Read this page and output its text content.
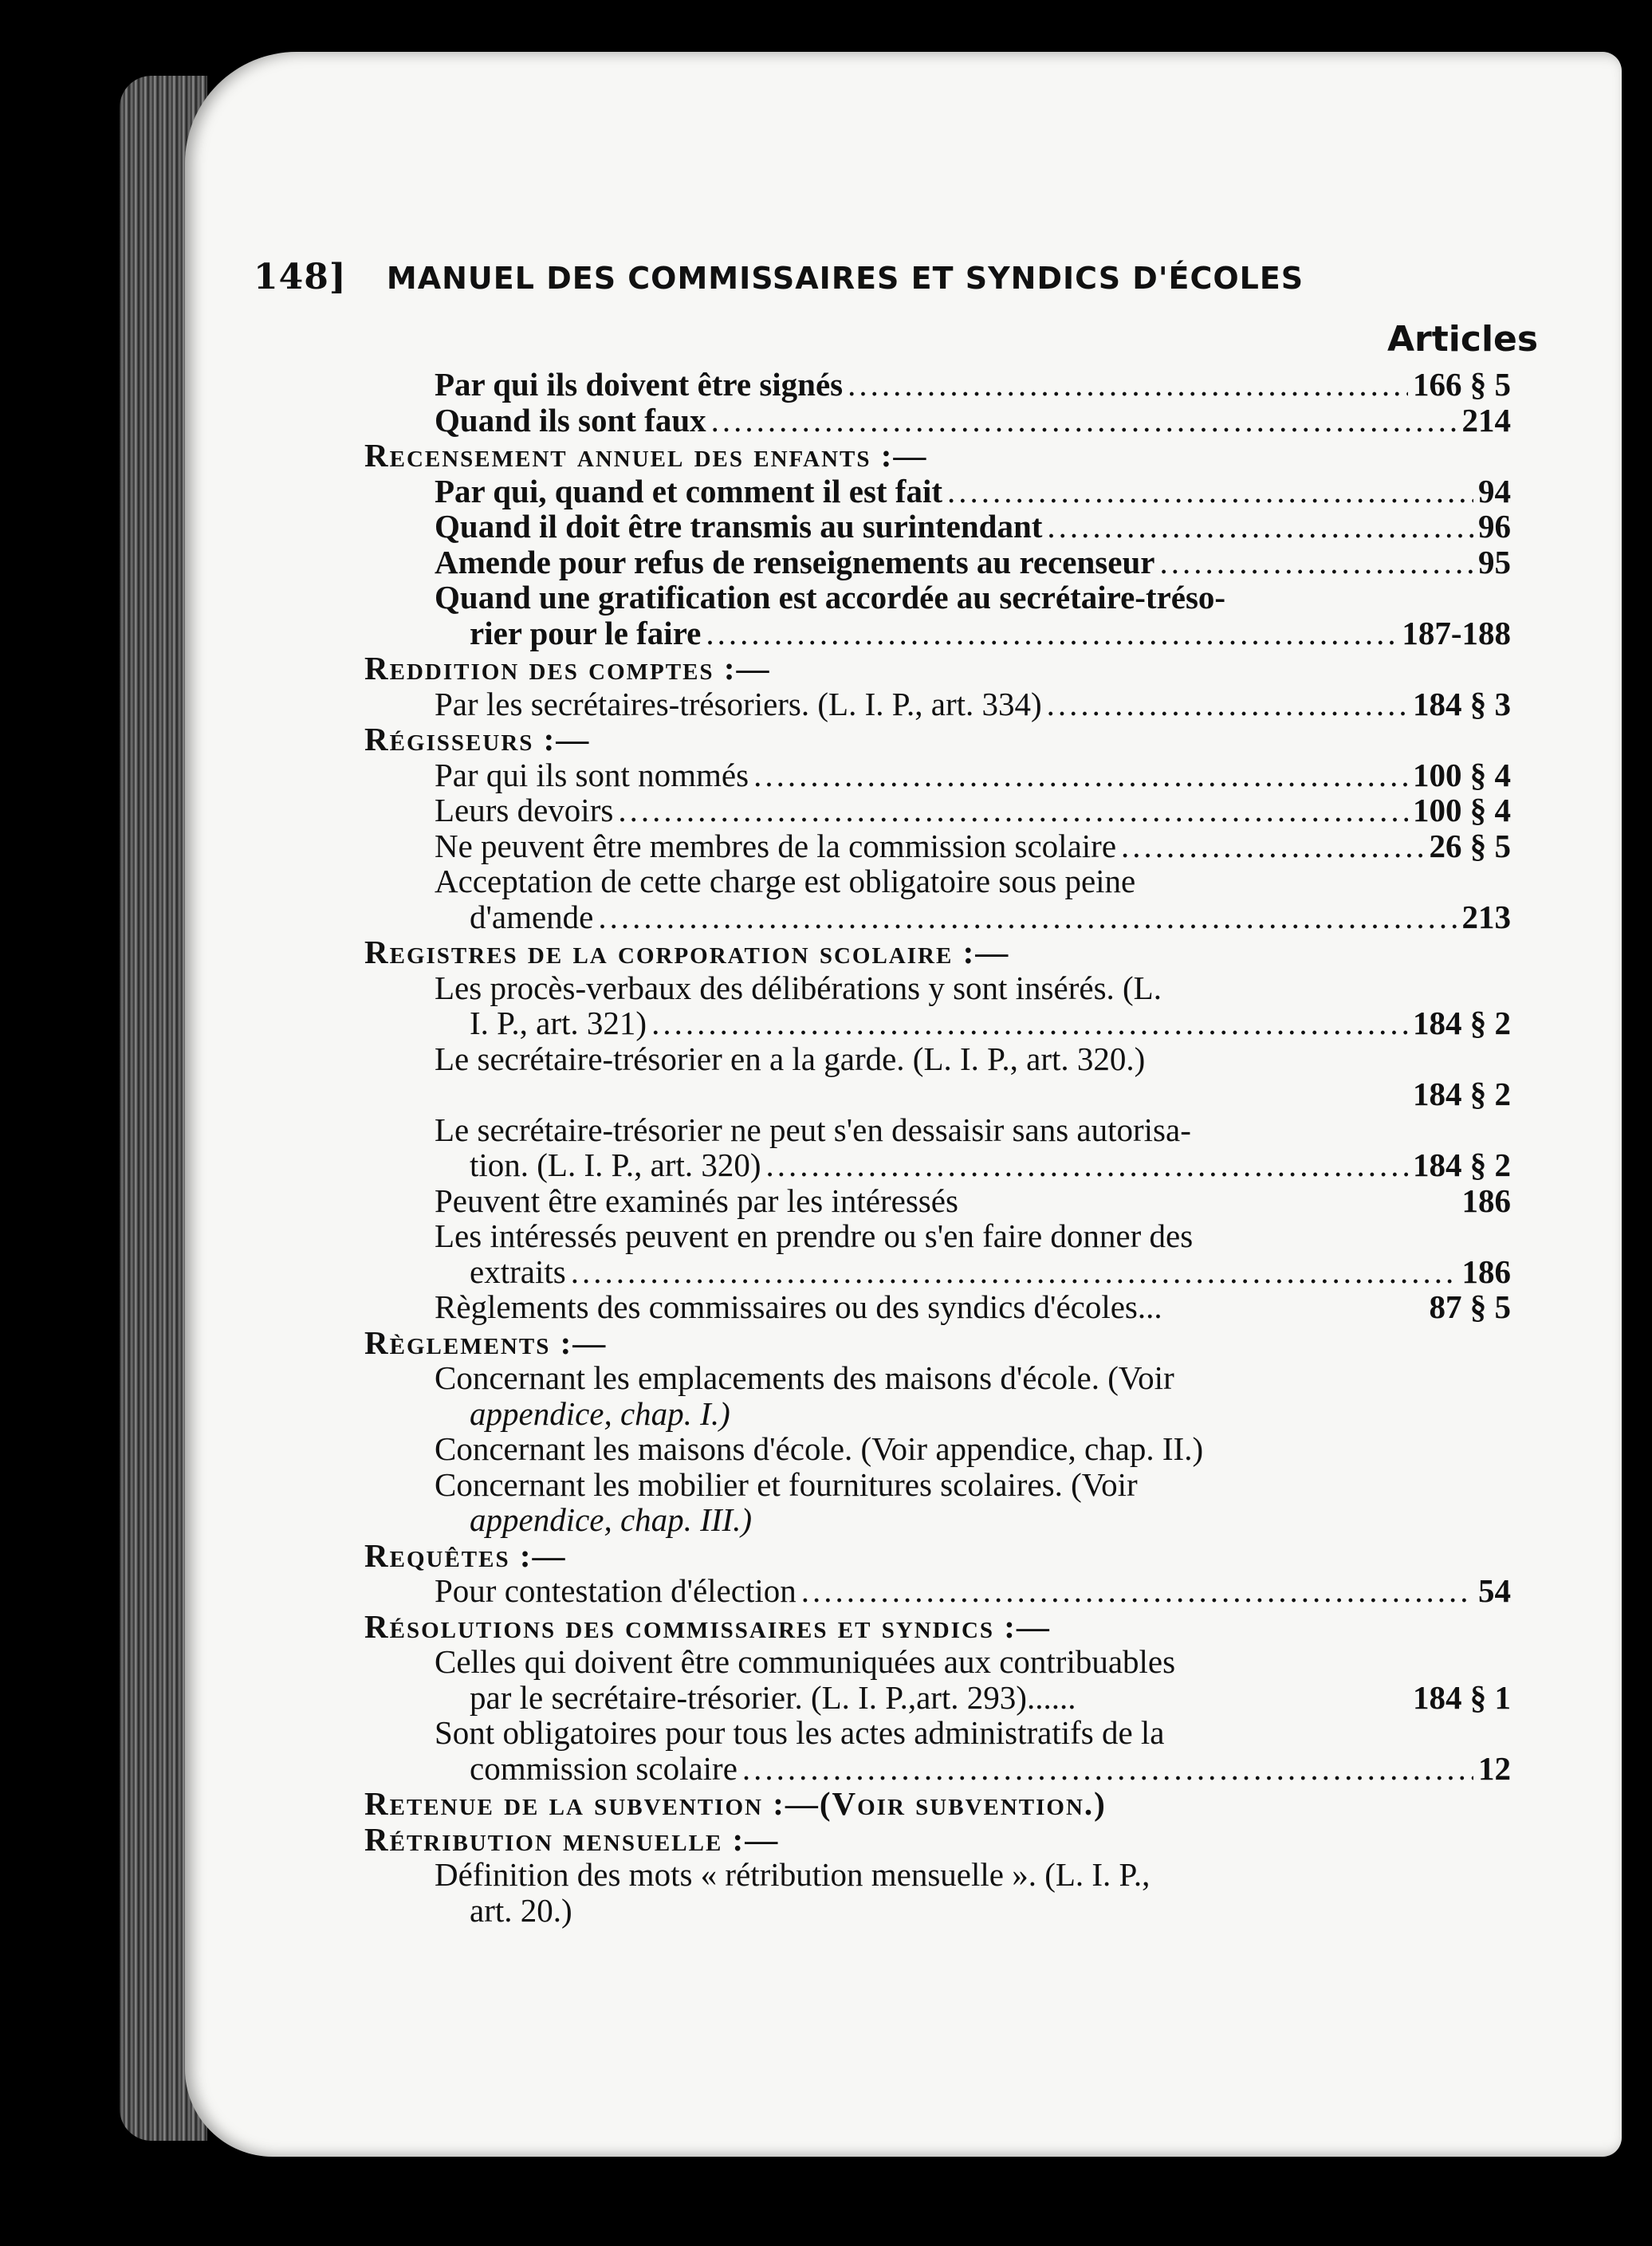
148] MANUEL DES COMMISSAIRES ET SYNDICS D'ÉCOLES
Articles
Par qui ils doivent être signés .....	166 § 5
Quand ils sont faux .....	214
Recensement annuel des enfants :—
Par qui, quand et comment il est fait .....	94
Quand il doit être transmis au surintendant .....	96
Amende pour refus de renseignements au recenseur .....	95
Quand une gratification est accordée au secrétaire-tréso-
rier pour le faire .....	187-188
Reddition des comptes :—
Par les secrétaires-trésoriers. (L. I. P., art. 334) .....	184 § 3
Régisseurs :—
Par qui ils sont nommés .....	100 § 4
Leurs devoirs .....	100 § 4
Ne peuvent être membres de la commission scolaire .....	26 § 5
Acceptation de cette charge est obligatoire sous peine
d'amende .....	213
Registres de la corporation scolaire :—
Les procès-verbaux des délibérations y sont insérés. (L.
I. P., art. 321) .....	184 § 2
Le secrétaire-trésorier en a la garde. (L. I. P., art. 320.)
184 § 2
Le secrétaire-trésorier ne peut s'en dessaisir sans autorisa-
tion. (L. I. P., art. 320) .....	184 § 2
Peuvent être examinés par les intéressés	186
Les intéressés peuvent en prendre ou s'en faire donner des
extraits .....	186
Règlements des commissaires ou des syndics d'écoles...	87 § 5
Règlements :—
Concernant les emplacements des maisons d'école. (Voir
appendice, chap. I.)
Concernant les maisons d'école. (Voir appendice, chap. II.)
Concernant les mobilier et fournitures scolaires. (Voir
appendice, chap. III.)
Requêtes :—
Pour contestation d'élection .....	54
Résolutions des commissaires et syndics :—
Celles qui doivent être communiquées aux contribuables
par le secrétaire-trésorier. (L. I. P.,art. 293)......	184 § 1
Sont obligatoires pour tous les actes administratifs de la
commission scolaire .....	12
Retenue de la subvention :—(Voir subvention.)
Rétribution mensuelle :—
Définition des mots « rétribution mensuelle ». (L. I. P.,
art. 20.)
